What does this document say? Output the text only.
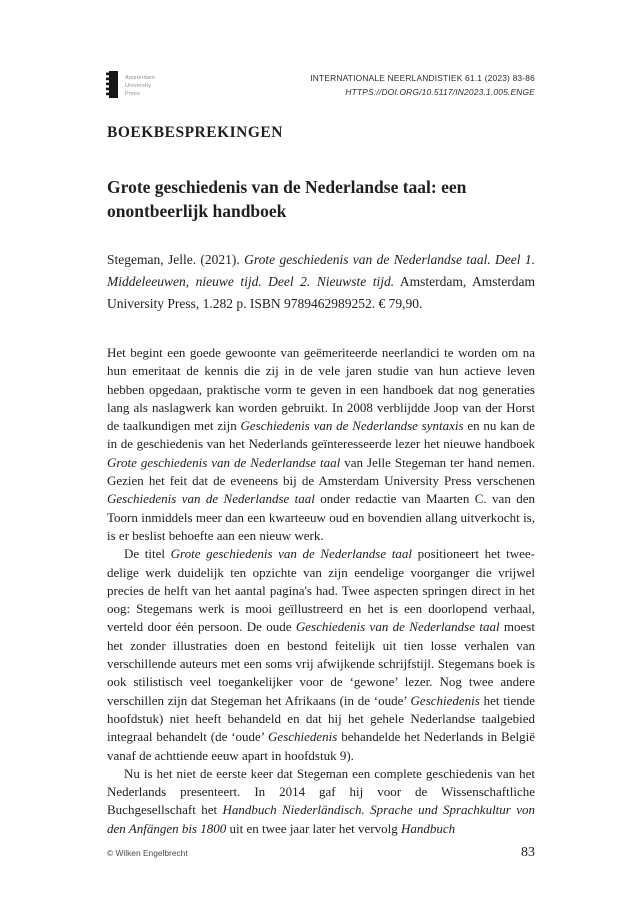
Amsterdam
University
Press
INTERNATIONALE NEERLANDISTIEK 61.1 (2023) 83-86
HTTPS://DOI.ORG/10.5117/IN2023.1.005.ENGE
BOEKBESPREKINGEN
Grote geschiedenis van de Nederlandse taal: een
onontbeerlijk handboek
Stegeman, Jelle. (2021). Grote geschiedenis van de Nederlandse taal. Deel 1. Middeleeuwen, nieuwe tijd. Deel 2. Nieuwste tijd. Amsterdam, Amsterdam University Press, 1.282 p. ISBN 9789462989252. € 79,90.

Het begint een goede gewoonte van geëmeriteerde neerlandici te worden om na hun emeritaat de kennis die zij in de vele jaren studie van hun actieve leven hebben opgedaan, praktische vorm te geven in een handboek dat nog generaties lang als naslagwerk kan worden gebruikt. In 2008 verblijdde Joop van der Horst de taalkundigen met zijn Geschiedenis van de Nederlandse syntaxis en nu kan de in de geschiedenis van het Nederlands geïnteresseerde lezer het nieuwe handboek Grote geschiedenis van de Nederlandse taal van Jelle Stegeman ter hand nemen. Gezien het feit dat de eveneens bij de Amsterdam University Press verschenen Geschiedenis van de Nederlandse taal onder redactie van Maarten C. van den Toorn inmiddels meer dan een kwarteeuw oud en bovendien allang uitverkocht is, is er beslist behoefte aan een nieuw werk.

De titel Grote geschiedenis van de Nederlandse taal positioneert het tweedelige werk duidelijk ten opzichte van zijn eendelige voorganger die vrijwel precies de helft van het aantal pagina's had. Twee aspecten springen direct in het oog: Stegemans werk is mooi geïllustreerd en het is een doorlopend verhaal, verteld door één persoon. De oude Geschiedenis van de Nederlandse taal moest het zonder illustraties doen en bestond feitelijk uit tien losse verhalen van verschillende auteurs met een soms vrij afwijkende schrijfstijl. Stegemans boek is ook stilistisch veel toegankelijker voor de ‘gewone’ lezer. Nog twee andere verschillen zijn dat Stegeman het Afrikaans (in de ‘oude’ Geschiedenis het tiende hoofdstuk) niet heeft behandeld en dat hij het gehele Nederlandse taalgebied integraal behandelt (de ‘oude’ Geschiedenis behandelde het Nederlands in België vanaf de achttiende eeuw apart in hoofdstuk 9).

Nu is het niet de eerste keer dat Stegeman een complete geschiedenis van het Nederlands presenteert. In 2014 gaf hij voor de Wissenschaftliche Buchgesellschaft het Handbuch Niederländisch. Sprache und Sprachkultur von den Anfängen bis 1800 uit en twee jaar later het vervolg Handbuch

© Wilken Engelbrecht	83
